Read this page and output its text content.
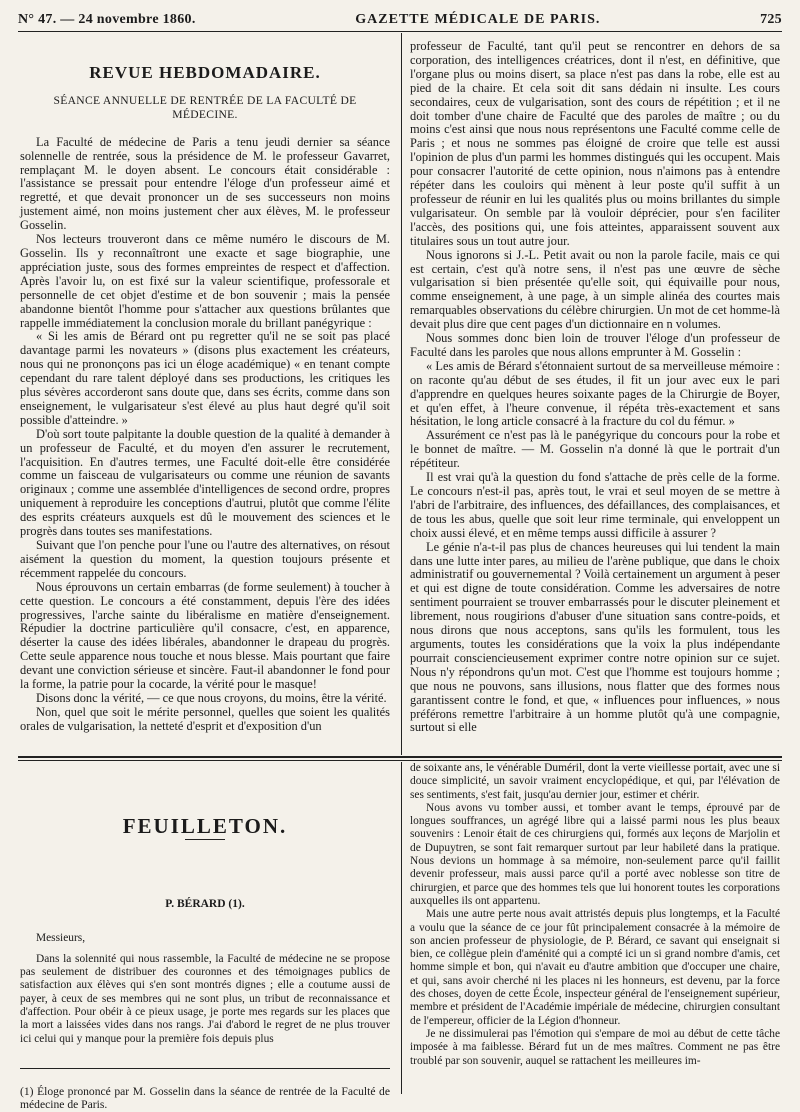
N° 47. — 24 novembre 1860.	GAZETTE MÉDICALE DE PARIS.	725
REVUE HEBDOMADAIRE.
SÉANCE ANNUELLE DE RENTRÉE DE LA FACULTÉ DE MÉDECINE.

La Faculté de médecine de Paris a tenu jeudi dernier sa séance solennelle de rentrée, sous la présidence de M. le professeur Gavarret, remplaçant M. le doyen absent. Le concours était considérable : l'assistance se pressait pour entendre l'éloge d'un professeur aimé et regretté, et que devait prononcer un de ses successeurs non moins justement aimé, non moins justement cher aux élèves, M. le professeur Gosselin.

Nos lecteurs trouveront dans ce même numéro le discours de M. Gosselin. Ils y reconnaîtront une exacte et sage biographie, une appréciation juste, sous des formes empreintes de respect et d'affection. Après l'avoir lu, on est fixé sur la valeur scientifique, professorale et personnelle de cet objet d'estime et de bon souvenir ; mais la pensée abandonne bientôt l'homme pour s'attacher aux questions brûlantes que rappelle immédiatement la conclusion morale du brillant panégyrique :

« Si les amis de Bérard ont pu regretter qu'il ne se soit pas placé davantage parmi les novateurs » (disons plus exactement les créateurs, nous qui ne prononçons pas ici un éloge académique) « en tenant compte cependant du rare talent déployé dans ses productions, les critiques les plus sévères accorderont sans doute que, dans ses écrits, comme dans son enseignement, le vulgarisateur s'est élevé au plus haut degré qu'il soit possible d'atteindre. »

D'où sort toute palpitante la double question de la qualité à demander à un professeur de Faculté, et du moyen d'en assurer le recrutement, l'acquisition. En d'autres termes, une Faculté doit-elle être considérée comme un faisceau de vulgarisateurs ou comme une réunion de savants originaux ; comme une assemblée d'intelligences de second ordre, propres uniquement à reproduire les conceptions d'autrui, plutôt que comme l'élite des esprits créateurs auxquels est dû le mouvement des sciences et le progrès dans toutes ses manifestations.

Suivant que l'on penche pour l'une ou l'autre des alternatives, on résout aisément la question du moment, la question toujours présente et récemment rappelée du concours.

Nous éprouvons un certain embarras (de forme seulement) à toucher à cette question. Le concours a été constamment, depuis l'ère des idées progressives, l'arche sainte du libéralisme en matière d'enseignement. Répudier la doctrine particulière qu'il consacre, c'est, en apparence, déserter la cause des idées libérales, abandonner le drapeau du progrès. Cette seule apparence nous touche et nous blesse. Mais pourtant que faire devant une conviction sérieuse et sincère. Faut-il abandonner le fond pour la forme, la patrie pour la cocarde, la vérité pour le masque!

Disons donc la vérité, — ce que nous croyons, du moins, être la vérité.

Non, quel que soit le mérite personnel, quelles que soient les qualités orales de vulgarisation, la netteté d'esprit et d'exposition d'un

professeur de Faculté, tant qu'il peut se rencontrer en dehors de sa corporation, des intelligences créatrices, dont il n'est, en définitive, que l'organe plus ou moins disert, sa place n'est pas dans la robe, elle est au pied de la chaire. Et cela soit dit sans dédain ni insulte. Les cours secondaires, ceux de vulgarisation, sont des cours de répétition ; et il ne doit tomber d'une chaire de Faculté que des paroles de maître ; ou du moins c'est ainsi que nous nous représentons une Faculté comme celle de Paris ; et nous ne sommes pas éloigné de croire que telle est aussi l'opinion de plus d'un parmi les hommes distingués qui les occupent. Mais pour consacrer l'autorité de cette opinion, nous n'aimons pas à entendre répéter dans les couloirs qui mènent à leur poste qu'il suffit à un professeur de réunir en lui les qualités plus ou moins brillantes du simple vulgarisateur. On semble par là vouloir déprécier, pour s'en faciliter l'accès, des positions qui, une fois atteintes, apparaissent souvent aux titulaires sous un tout autre jour.

Nous ignorons si J.-L. Petit avait ou non la parole facile, mais ce qui est certain, c'est qu'à notre sens, il n'est pas une œuvre de sèche vulgarisation si bien présentée qu'elle soit, qui équivaille pour nous, comme enseignement, à une page, à un simple alinéa des courtes mais remarquables observations du célèbre chirurgien. Un mot de cet homme-là devait plus dire que cent pages d'un dictionnaire en n volumes.

Nous sommes donc bien loin de trouver l'éloge d'un professeur de Faculté dans les paroles que nous allons emprunter à M. Gosselin :

« Les amis de Bérard s'étonnaient surtout de sa merveilleuse mémoire : on raconte qu'au début de ses études, il fit un jour avec eux le pari d'apprendre en quelques heures soixante pages de la Chirurgie de Boyer, et qu'en effet, à l'heure convenue, il répéta très-exactement et sans hésitation, le long article consacré à la fracture du col du fémur. »

Assurément ce n'est pas là le panégyrique du concours pour la robe et le bonnet de maître. — M. Gosselin n'a donné là que le portrait d'un répétiteur.

Il est vrai qu'à la question du fond s'attache de près celle de la forme. Le concours n'est-il pas, après tout, le vrai et seul moyen de se mettre à l'abri de l'arbitraire, des influences, des défaillances, des complaisances, et de tous les abus, quelle que soit leur rime terminale, qui enveloppent un choix aussi élevé, et en même temps aussi difficile à assurer ?

Le génie n'a-t-il pas plus de chances heureuses qui lui tendent la main dans une lutte inter pares, au milieu de l'arène publique, que dans le choix administratif ou gouvernemental ? Voilà certainement un argument à peser et qui est digne de toute considération. Comme les adversaires de notre sentiment pourraient se trouver embarrassés pour le discuter pleinement et librement, nous rougirions d'abuser d'une situation sans contre-poids, et nous dirons que nous acceptons, sans qu'ils les formulent, tous les arguments, toutes les considérations que la voix la plus indépendante pourrait consciencieusement exprimer contre notre opinion sur ce sujet. Nous n'y répondrons qu'un mot. C'est que l'homme est toujours homme ; que nous ne pouvons, sans illusions, nous flatter que des formes nous garantissent contre le fond, et que, « influences pour influences, » nous préférons remettre l'arbitraire à un homme plutôt qu'à une compagnie, surtout si elle

FEUILLETON.
P. BÉRARD (1).

Messieurs,

Dans la solennité qui nous rassemble, la Faculté de médecine ne se propose pas seulement de distribuer des couronnes et des témoignages publics de satisfaction aux élèves qui s'en sont montrés dignes ; elle a coutume aussi de payer, à ceux de ses membres qui ne sont plus, un tribut de reconnaissance et d'affection. Pour obéir à ce pieux usage, je porte mes regards sur les places que la mort a laissées vides dans nos rangs. J'ai d'abord le regret de ne plus trouver ici celui qui y manque pour la première fois depuis plus

(1) Éloge prononcé par M. Gosselin dans la séance de rentrée de la Faculté de médecine de Paris.

de soixante ans, le vénérable Duméril, dont la verte vieillesse portait, avec une si douce simplicité, un savoir vraiment encyclopédique, et qui, par l'élévation de ses sentiments, s'est fait, jusqu'au dernier jour, estimer et chérir.

Nous avons vu tomber aussi, et tomber avant le temps, éprouvé par de longues souffrances, un agrégé libre qui a laissé parmi nous les plus beaux souvenirs : Lenoir était de ces chirurgiens qui, formés aux leçons de Marjolin et de Dupuytren, se sont fait remarquer surtout par leur habileté dans la pratique. Nous devions un hommage à sa mémoire, non-seulement parce qu'il faillit devenir professeur, mais aussi parce qu'il a porté avec noblesse son titre de chirurgien, et parce que des hommes tels que lui honorent toutes les corporations auxquelles ils ont appartenu.

Mais une autre perte nous avait attristés depuis plus longtemps, et la Faculté a voulu que la séance de ce jour fût principalement consacrée à la mémoire de son ancien professeur de physiologie, de P. Bérard, ce savant qui enseignait si bien, ce collègue plein d'aménité qui a compté ici un si grand nombre d'amis, cet homme simple et bon, qui n'avait eu d'autre ambition que d'occuper une chaire, et qui, sans avoir cherché ni les places ni les honneurs, est devenu, par la force des choses, doyen de cette École, inspecteur général de l'enseignement supérieur, membre et président de l'Académie impériale de médecine, chirurgien consultant de l'empereur, officier de la Légion d'honneur.

Je ne dissimulerai pas l'émotion qui s'empare de moi au début de cette tâche imposée à ma faiblesse. Bérard fut un de mes maîtres. Comment ne pas être troublé par son souvenir, auquel se rattachent les meilleures im-
